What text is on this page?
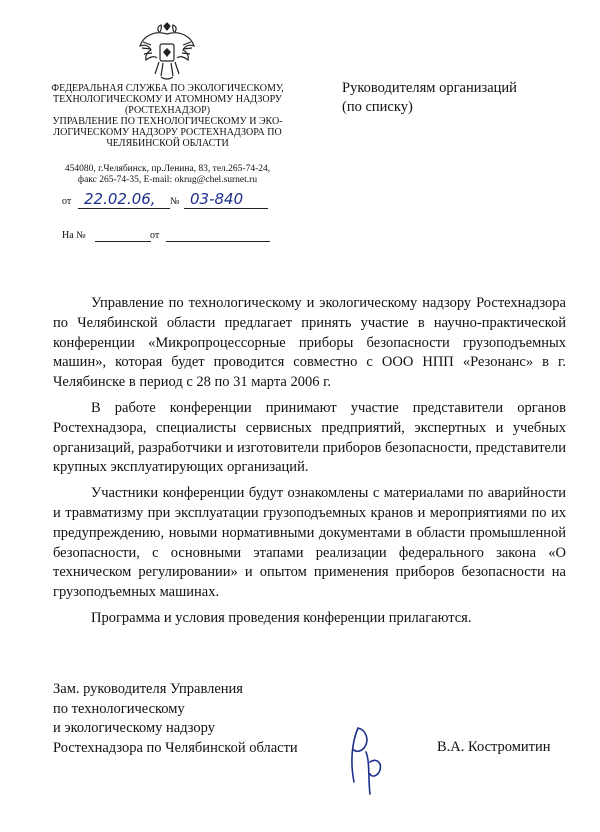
ФЕДЕРАЛЬНАЯ СЛУЖБА ПО ЭКОЛОГИЧЕСКОМУ,
ТЕХНОЛОГИЧЕСКОМУ И АТОМНОМУ НАДЗОРУ
(РОСТЕХНАДЗОР)
УПРАВЛЕНИЕ ПО ТЕХНОЛОГИЧЕСКОМУ И ЭКО-
ЛОГИЧЕСКОМУ НАДЗОРУ РОСТЕХНАДЗОРА ПО
ЧЕЛЯБИНСКОЙ ОБЛАСТИ
454080, г.Челябинск, пр.Ленина, 83, тел.265-74-24,
факс 265-74-35, E-mail: okrug@chel.surnet.ru
от 22.02.06, № 03-840
На №	от
Руководителям организаций
(по списку)

Управление по технологическому и экологическому надзору Ростехнадзора по Челябинской области предлагает принять участие в научно-практической конференции «Микропроцессорные приборы безопасности грузоподъемных машин», которая будет проводится совместно с ООО НПП «Резонанс» в г. Челябинске в период с 28 по 31 марта 2006 г.

В работе конференции принимают участие представители органов Ростехнадзора, специалисты сервисных предприятий, экспертных и учебных организаций, разработчики и изготовители приборов безопасности, представители крупных эксплуатирующих организаций.

Участники конференции будут ознакомлены с материалами по аварийности и травматизму при эксплуатации грузоподъемных кранов и мероприятиями по их предупреждению, новыми нормативными документами в области промышленной безопасности, с основными этапами реализации федерального закона «О техническом регулировании» и опытом применения приборов безопасности на грузоподъемных машинах.

Программа и условия проведения конференции прилагаются.

Зам. руководителя Управления
по технологическому
и экологическому надзору
Ростехнадзора по Челябинской области	В.А. Костромитин
